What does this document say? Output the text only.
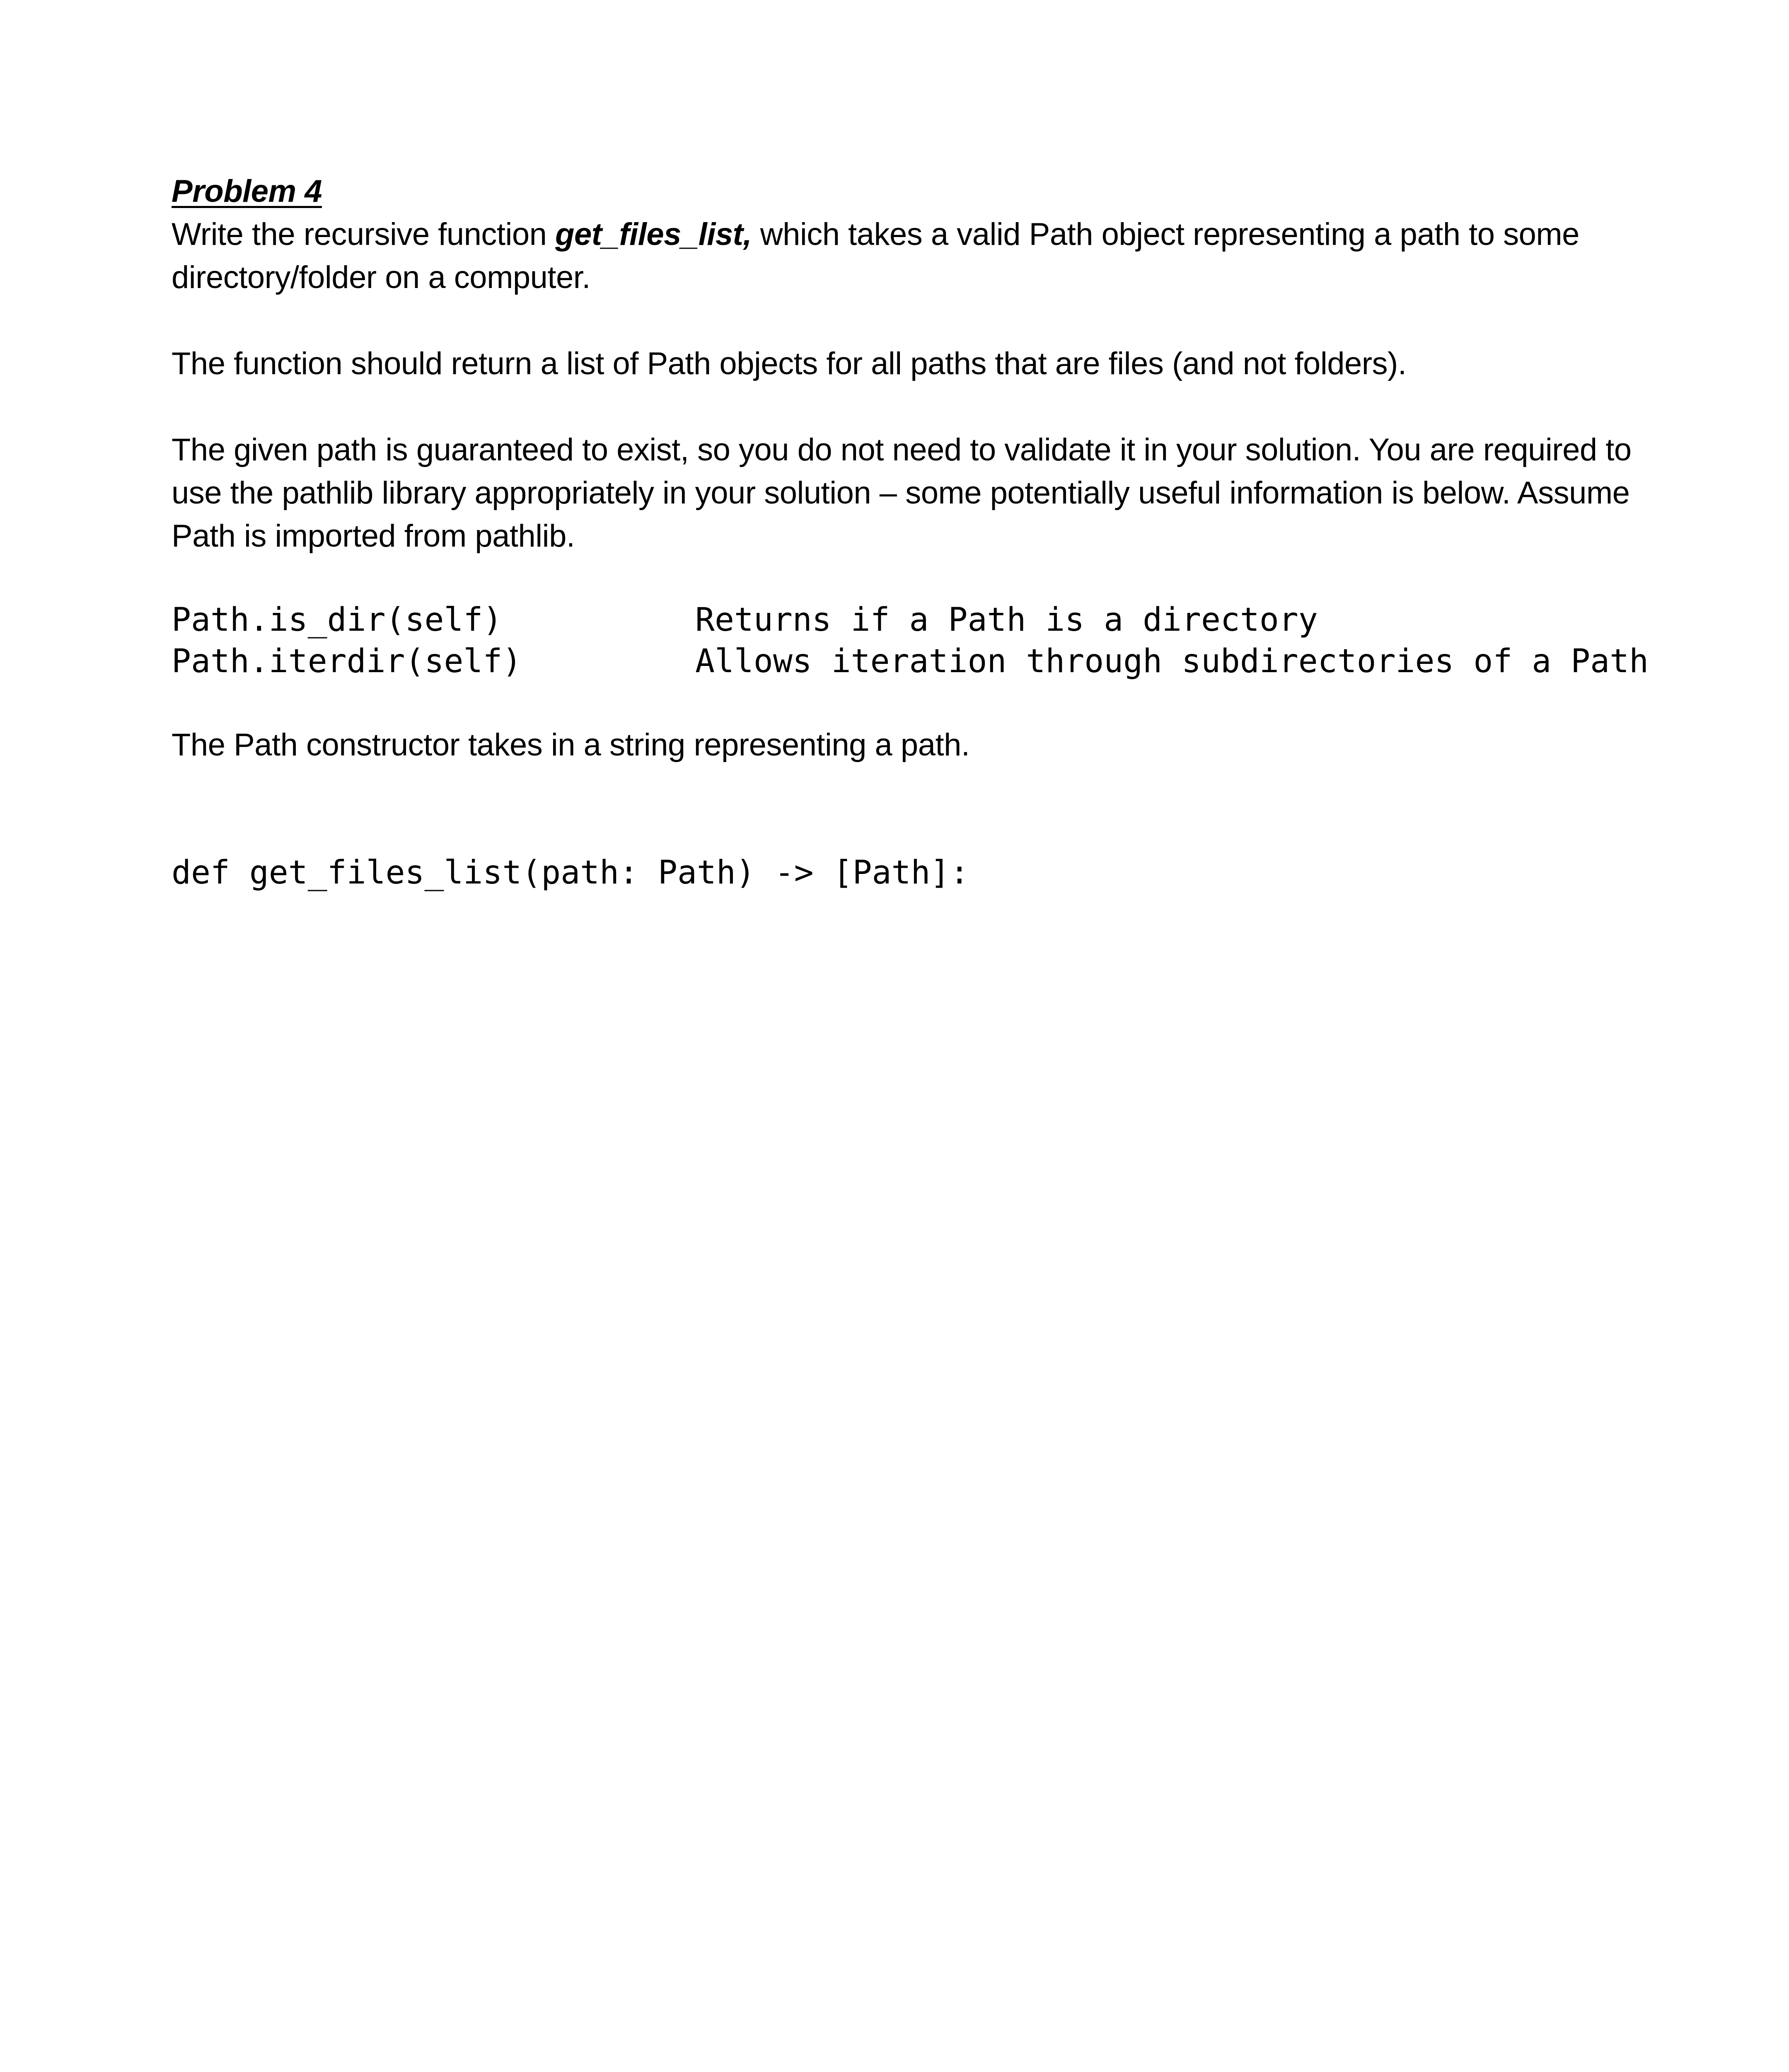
Problem 4

Write the recursive function get_files_list, which takes a valid Path object representing a path to some directory/folder on a computer.

The function should return a list of Path objects for all paths that are files (and not folders).

The given path is guaranteed to exist, so you do not need to validate it in your solution. You are required to use the pathlib library appropriately in your solution – some potentially useful information is below. Assume Path is imported from pathlib.

Path.is_dir(self)	Returns if a Path is a directory
Path.iterdir(self)	Allows iteration through subdirectories of a Path

The Path constructor takes in a string representing a path.

def get_files_list(path: Path) -> [Path]:
